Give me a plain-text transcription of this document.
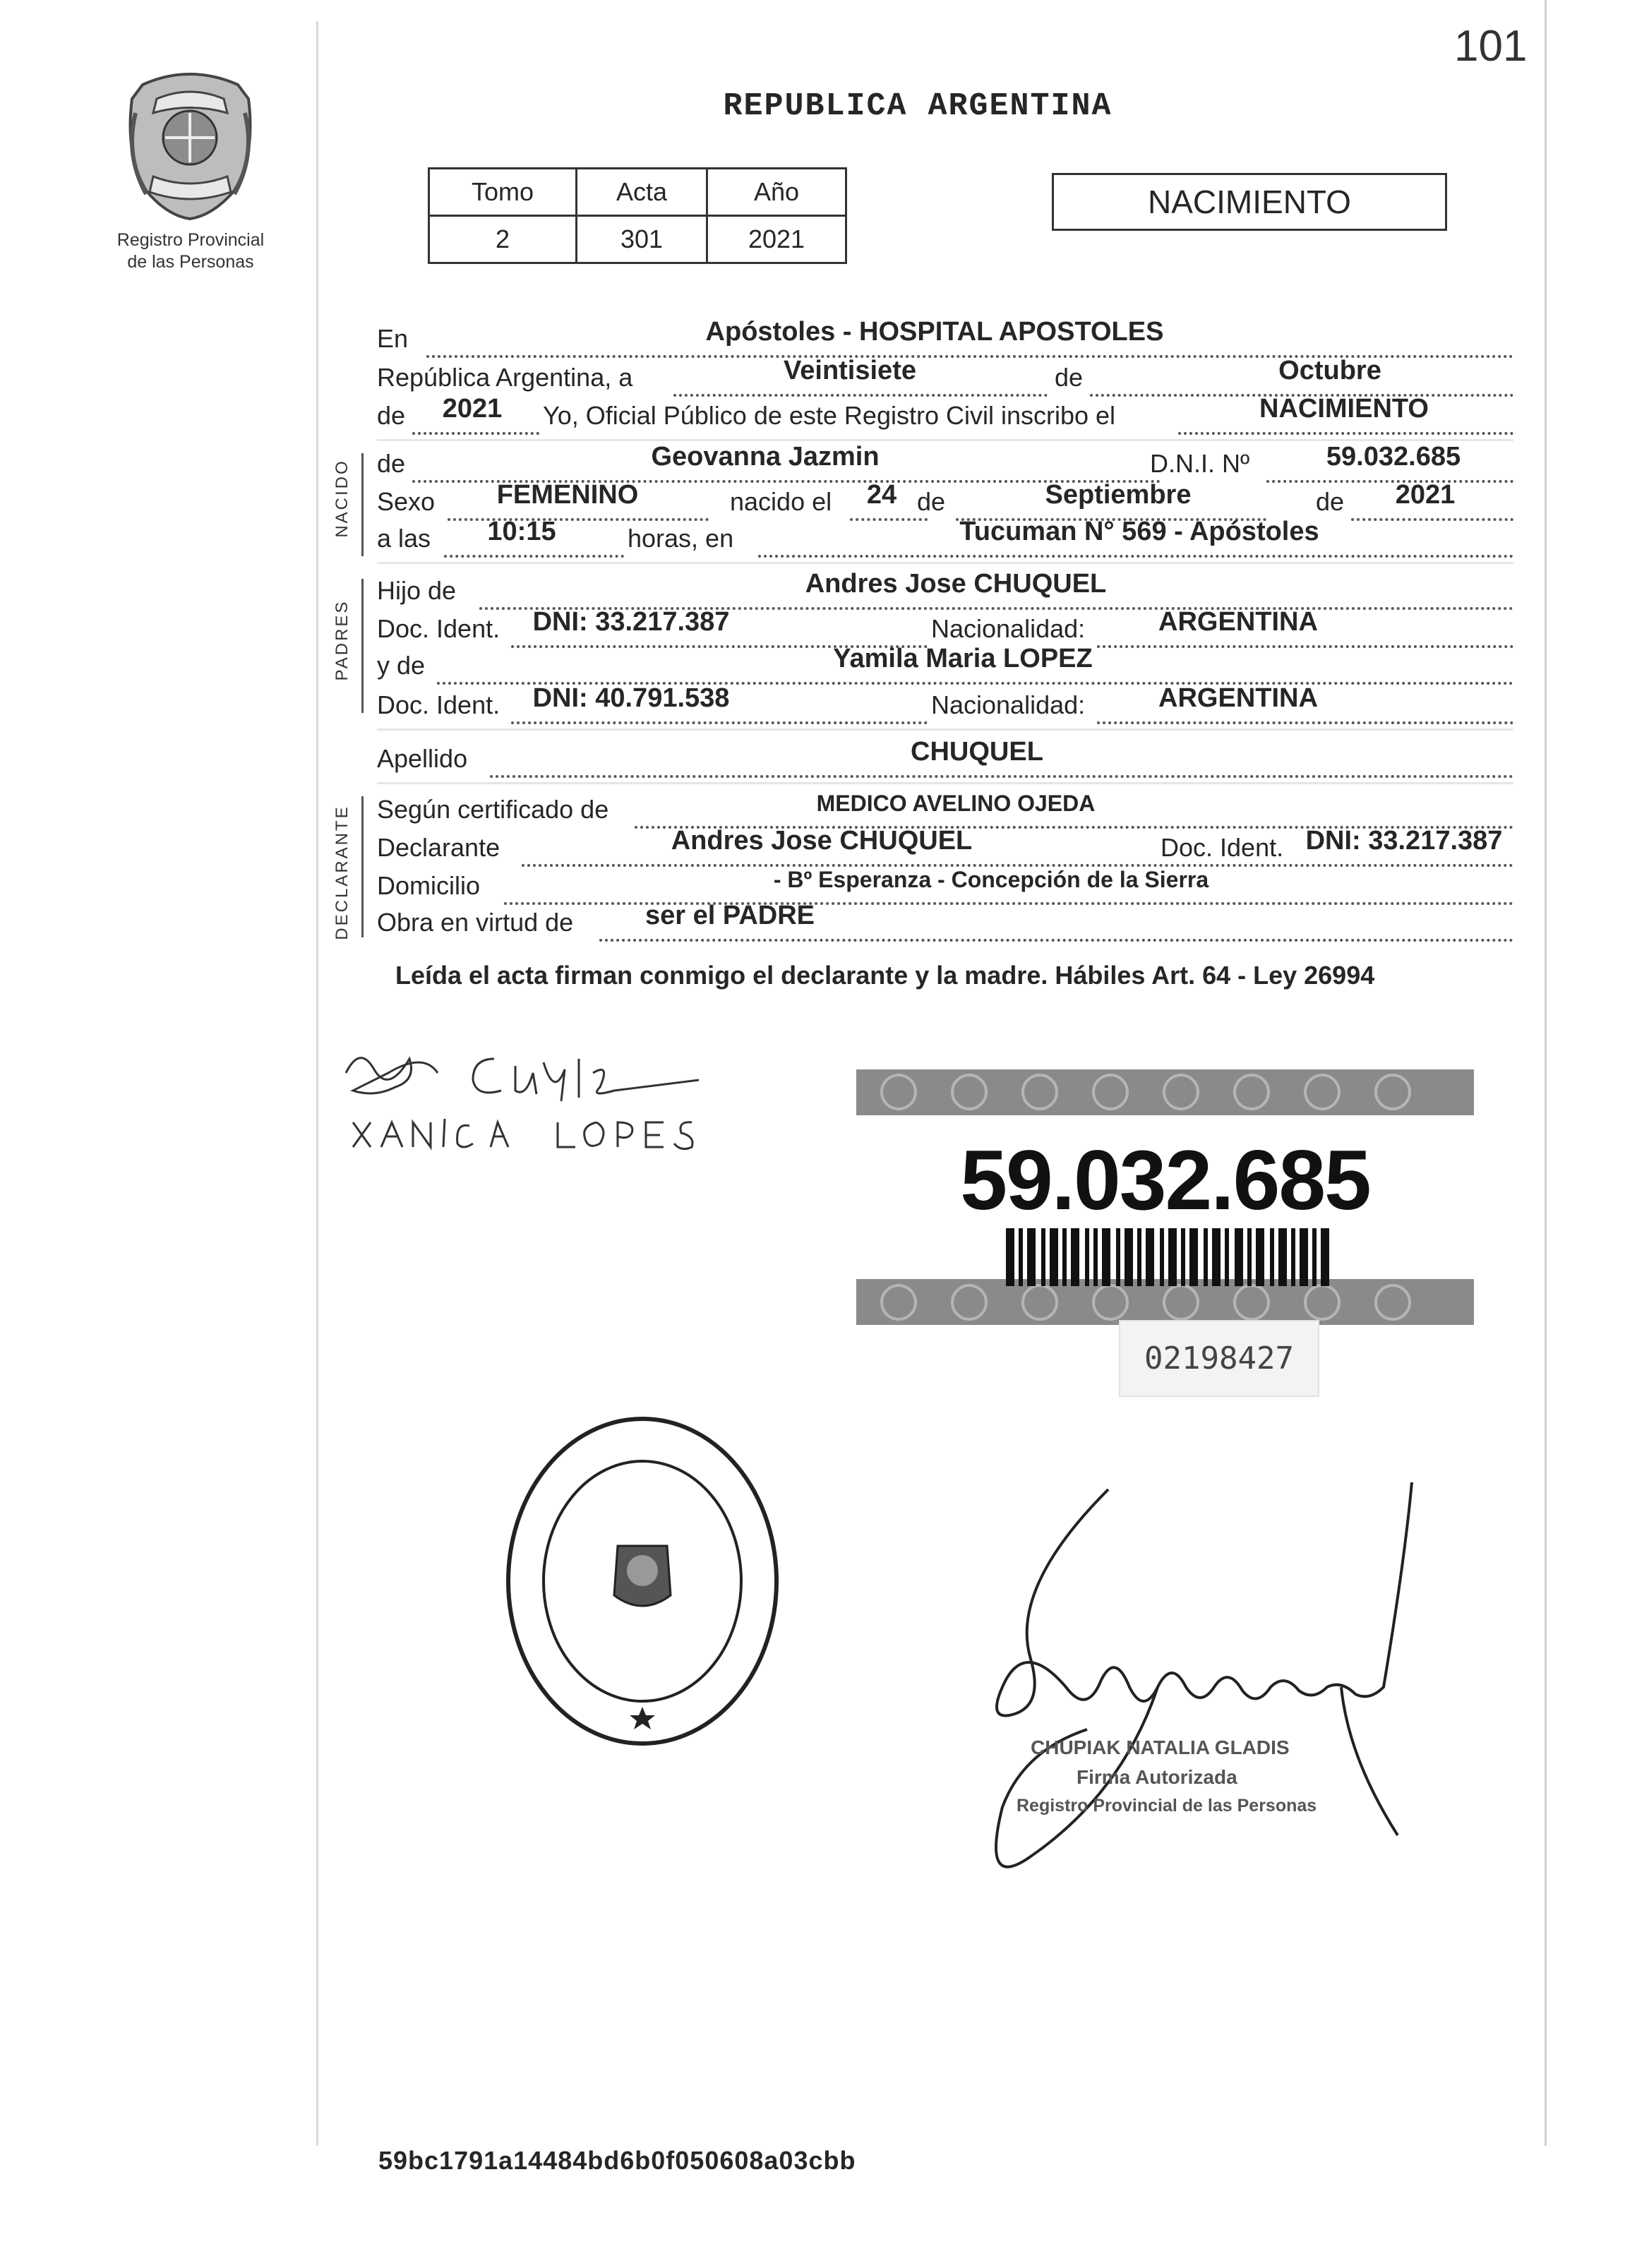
101
Registro Provincial
de las Personas
REPUBLICA ARGENTINA
Tomo	Acta	Año
2	301	2021
NACIMIENTO
En	Apóstoles - HOSPITAL APOSTOLES
República Argentina, a	Veintisiete	de	Octubre
de	2021	Yo, Oficial Público de este Registro Civil inscribo el	NACIMIENTO
NACIDO de	Geovanna Jazmin	D.N.I. Nº	59.032.685
Sexo	FEMENINO	nacido el	24 de	Septiembre	de	2021
a las	10:15	horas, en	Tucuman N° 569 - Apóstoles
PADRES
Hijo de	Andres Jose CHUQUEL
Doc. Ident.	DNI: 33.217.387	Nacionalidad:	ARGENTINA
y de	Yamila Maria LOPEZ
Doc. Ident.	DNI: 40.791.538	Nacionalidad:	ARGENTINA
Apellido	CHUQUEL
DECLARANTE Según certificado de	MEDICO AVELINO OJEDA
Declarante	Andres Jose CHUQUEL	Doc. Ident. DNI: 33.217.387
Domicilio	- Bº Esperanza - Concepción de la Sierra
Obra en virtud de	ser el PADRE
Leída el acta firman conmigo el declarante y la madre. Hábiles Art. 64 - Ley 26994
59.032.685
02198427
CHUPIAK NATALIA GLADIS
Firma Autorizada
Registro Provincial de las Personas
59bc1791a14484bd6b0f050608a03cbb
